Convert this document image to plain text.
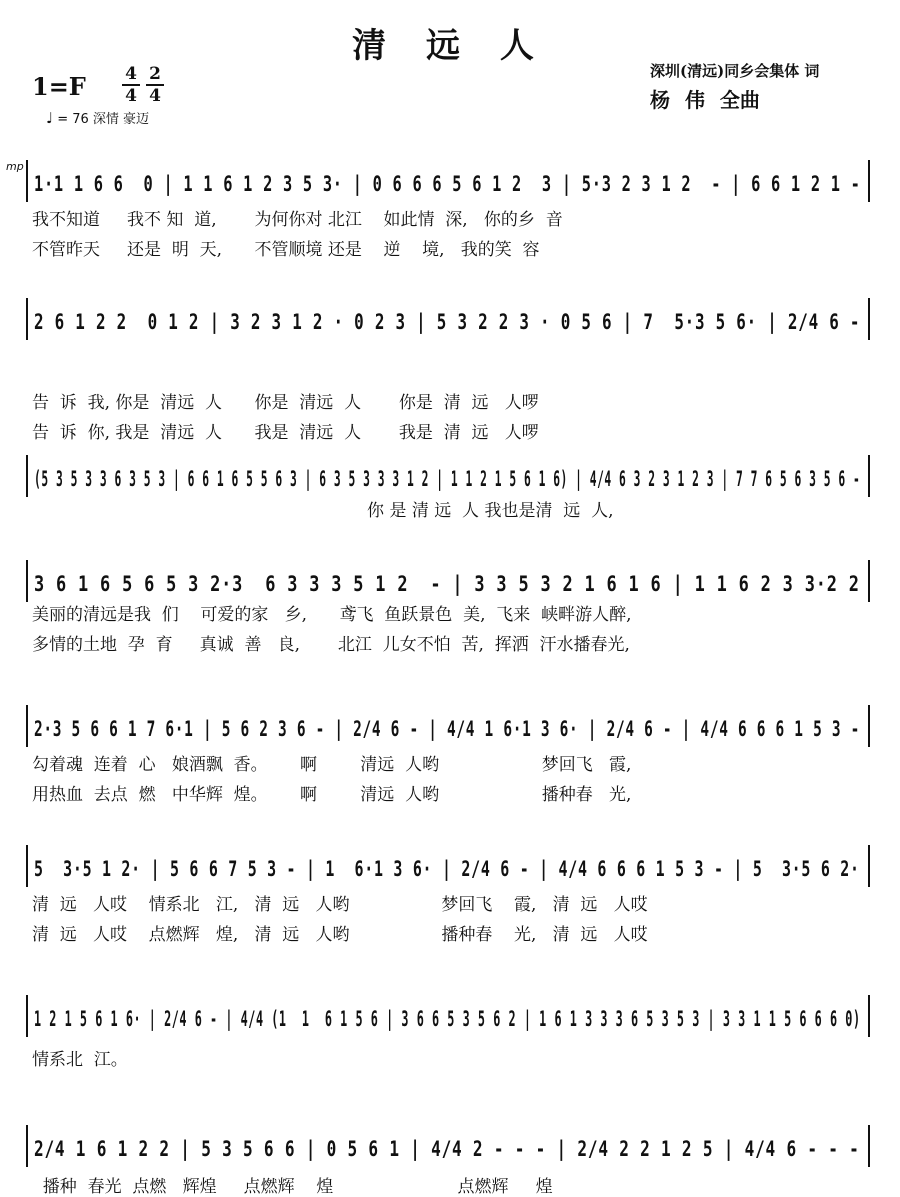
清 远 人
1=F 4
4
2
4
♩ = 76 深情 豪迈
深圳(清远)同乡会集体 词
杨 伟 全曲
mp
1·1 1 6 6  0 | 1 1 6 1 2 3 5 3· | 0 6 6 6 5 6 1 2  3 | 5·3 2 3 1 2  - | 6 6 1 2 1 -
我不知道     我不 知  道,       为何你对 北江    如此情  深,   你的乡  音
不管昨天     还是  明  天,      不管顺境 还是    逆    境,   我的笑  容
2 6 1 2 2  0 1 2 | 3 2 3 1 2 · 0 2 3 | 5 3 2 2 3 · 0 5 6 | 7  5·3 5 6· | 2/4 6 -
告  诉  我, 你是  清远  人      你是  清远  人       你是  清  远   人啰
告  诉  你, 我是  清远  人      我是  清远  人       我是  清  远   人啰
(5 3 5 3 3 6 3 5 3 | 6 6 1 6 5 5 6 3 | 6 3 5 3 3 3 1 2 | 1 1 2 1 5 6 1 6) | 4/4 6 3 2 3 1 2 3 | 7 7 6 5 6 3 5 6 -
你 是 清 远  人 我也是清  远  人,
3 6 1 6 5 6 5 3 2·3  6 3 3 3 5 1 2  - | 3 3 5 3 2 1 6 1 6 | 1 1 6 2 3 3·2 2
美丽的清远是我  们    可爱的家   乡,      鸢飞  鱼跃景色  美,  飞来  峡畔游人醉,
多情的土地  孕  育     真诚  善   良,       北江  儿女不怕  苦,  挥洒  汗水播春光,
2·3 5 6 6 1 7 6·1 | 5 6 2 3 6 - | 2/4 6 - | 4/4 1 6·1 3 6· | 2/4 6 - | 4/4 6 6 6 1 5 3 -
勾着魂  连着  心   娘酒飘  香。      啊        清远  人哟                   梦回飞   霞,
用热血  去点  燃   中华辉  煌。      啊        清远  人哟                   播种春   光,
5  3·5 1 2· | 5 6 6 7 5 3 - | 1  6·1 3 6· | 2/4 6 - | 4/4 6 6 6 1 5 3 - | 5  3·5 6 2·
清  远   人哎    情系北   江,   清  远   人哟                 梦回飞    霞,   清  远   人哎
清  远   人哎    点燃辉   煌,   清  远   人哟                 播种春    光,   清  远   人哎
1 2 1 5 6 1 6· | 2/4 6 - | 4/4 (1  1  6 1 5 6 | 3 6 6 5 3 5 6 2 | 1 6 1 3 3 3 6 5 3 5 3 | 3 3 1 1 5 6 6 6 0)
情系北  江。
2/4 1 6 1 2 2 | 5 3 5 6 6 | 0 5 6 1 | 4/4 2 - - - | 2/4 2 2 1 2 5 | 4/4 6 - - -
播种  春光  点燃   辉煌     点燃辉    煌                       点燃辉     煌
